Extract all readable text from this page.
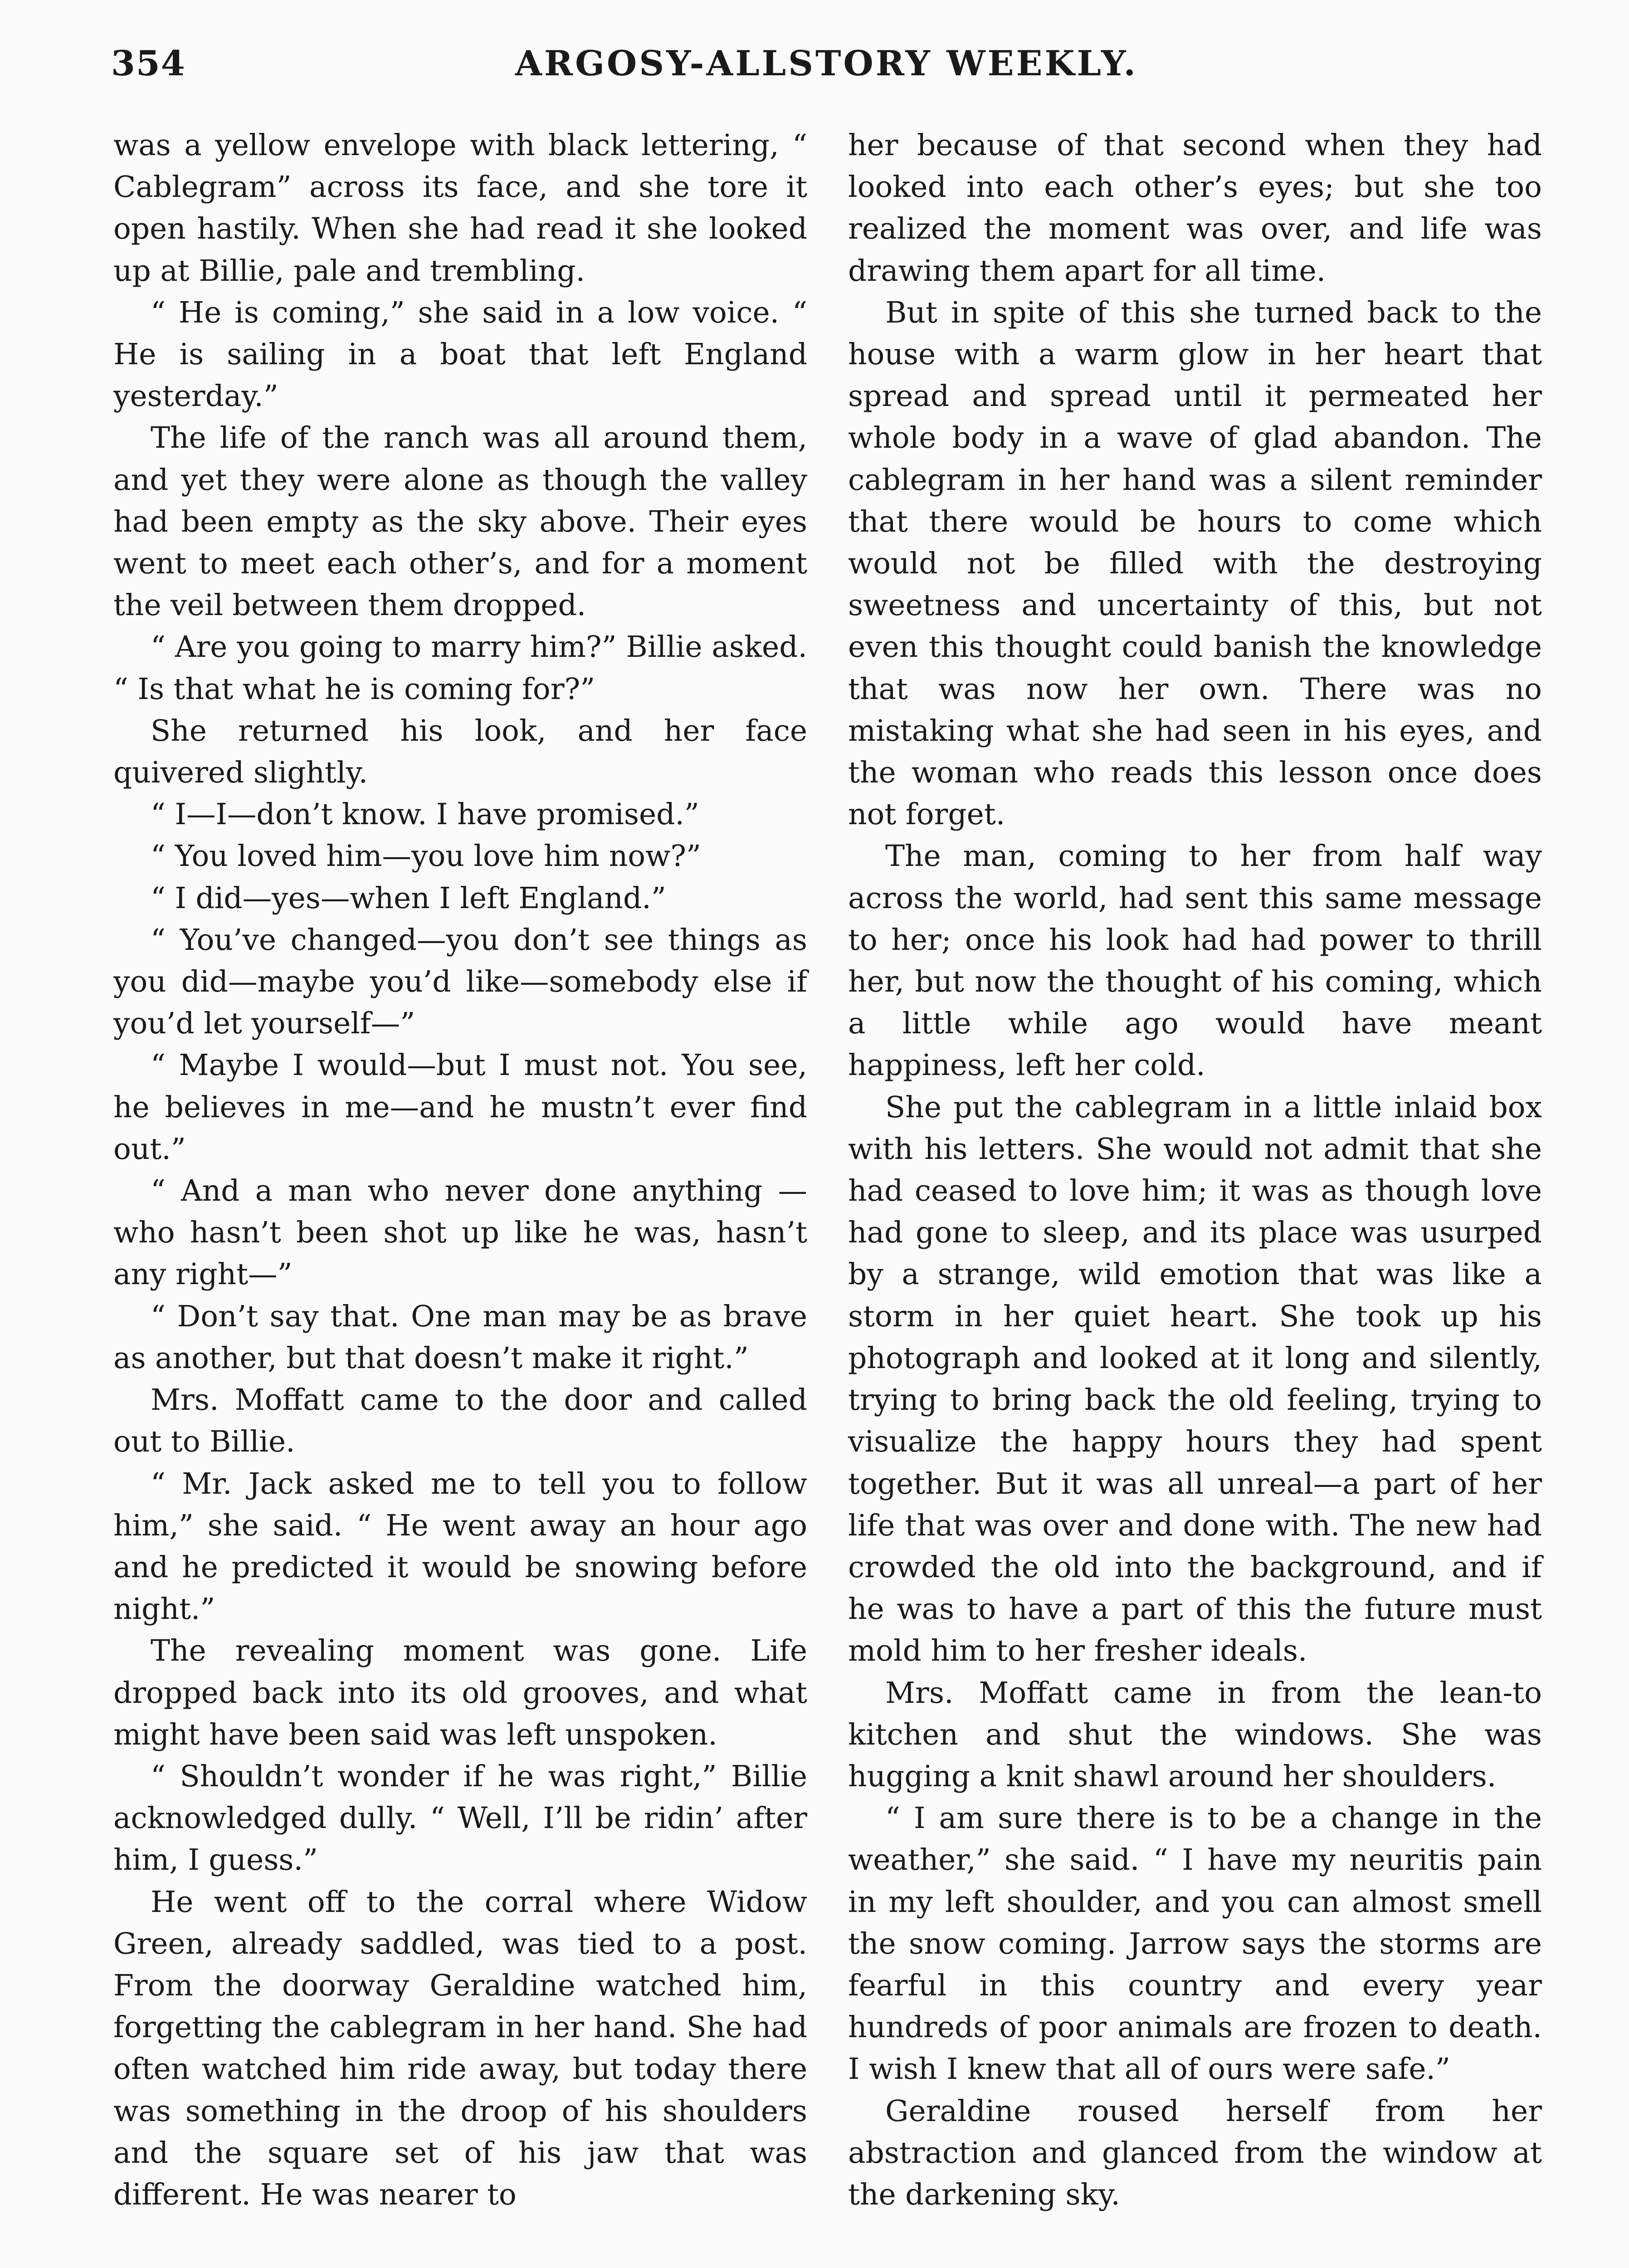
354	ARGOSY-ALLSTORY WEEKLY.

was a yellow envelope with black lettering, “ Cablegram” across its face, and she tore it open hastily. When she had read it she looked up at Billie, pale and trembling.

“ He is coming,” she said in a low voice. “ He is sailing in a boat that left England yesterday.”

The life of the ranch was all around them, and yet they were alone as though the valley had been empty as the sky above. Their eyes went to meet each other’s, and for a moment the veil between them dropped.

“ Are you going to marry him?” Billie asked. “ Is that what he is coming for?”

She returned his look, and her face quivered slightly.

“ I—I—don’t know. I have promised.”

“ You loved him—you love him now?”

“ I did—yes—when I left England.”

“ You’ve changed—you don’t see things as you did—maybe you’d like—somebody else if you’d let yourself—”

“ Maybe I would—but I must not. You see, he believes in me—and he mustn’t ever find out.”

“ And a man who never done anything —who hasn’t been shot up like he was, hasn’t any right—”

“ Don’t say that. One man may be as brave as another, but that doesn’t make it right.”

Mrs. Moffatt came to the door and called out to Billie.

“ Mr. Jack asked me to tell you to follow him,” she said. “ He went away an hour ago and he predicted it would be snowing before night.”

The revealing moment was gone. Life dropped back into its old grooves, and what might have been said was left unspoken.

“ Shouldn’t wonder if he was right,” Billie acknowledged dully. “ Well, I’ll be ridin’ after him, I guess.”

He went off to the corral where Widow Green, already saddled, was tied to a post. From the doorway Geraldine watched him, forgetting the cablegram in her hand. She had often watched him ride away, but today there was something in the droop of his shoulders and the square set of his jaw that was different. He was nearer to

her because of that second when they had looked into each other’s eyes; but she too realized the moment was over, and life was drawing them apart for all time.

But in spite of this she turned back to the house with a warm glow in her heart that spread and spread until it permeated her whole body in a wave of glad abandon. The cablegram in her hand was a silent reminder that there would be hours to come which would not be filled with the destroying sweetness and uncertainty of this, but not even this thought could banish the knowledge that was now her own. There was no mistaking what she had seen in his eyes, and the woman who reads this lesson once does not forget.

The man, coming to her from half way across the world, had sent this same message to her; once his look had had power to thrill her, but now the thought of his coming, which a little while ago would have meant happiness, left her cold.

She put the cablegram in a little inlaid box with his letters. She would not admit that she had ceased to love him; it was as though love had gone to sleep, and its place was usurped by a strange, wild emotion that was like a storm in her quiet heart. She took up his photograph and looked at it long and silently, trying to bring back the old feeling, trying to visualize the happy hours they had spent together. But it was all unreal—a part of her life that was over and done with. The new had crowded the old into the background, and if he was to have a part of this the future must mold him to her fresher ideals.

Mrs. Moffatt came in from the lean-to kitchen and shut the windows. She was hugging a knit shawl around her shoulders.

“ I am sure there is to be a change in the weather,” she said. “ I have my neuritis pain in my left shoulder, and you can almost smell the snow coming. Jarrow says the storms are fearful in this country and every year hundreds of poor animals are frozen to death. I wish I knew that all of ours were safe.”

Geraldine roused herself from her abstraction and glanced from the window at the darkening sky.
